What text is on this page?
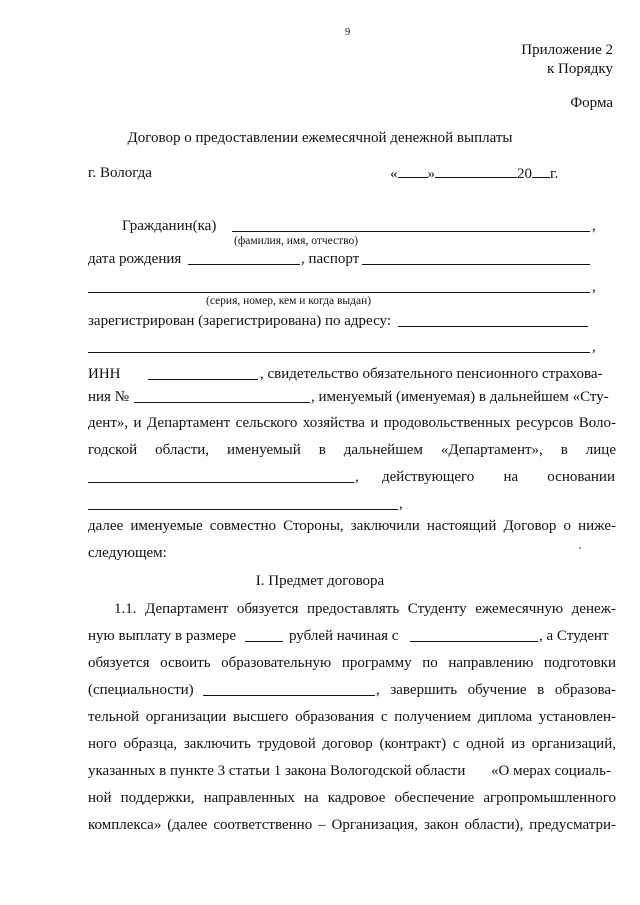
9
Приложение 2
к Порядку
Форма
Договор о предоставлении ежемесячной денежной выплаты
г. Вологда	« »	20 г.
Гражданин(ка)	,
(фамилия, имя, отчество)
дата рождения	, паспорт
,
(серия, номер, кем и когда выдан)
зарегистрирован (зарегистрирована) по адресу:
,
ИНН	, свидетельство обязательного пенсионного страхова-
ния №	, именуемый (именуемая) в дальнейшем «Сту-
дент», и Департамент сельского хозяйства и продовольственных ресурсов Воло-
годской области, именуемый в дальнейшем «Департамент», в лице
, действующего на основании
,
далее именуемые совместно Стороны, заключили настоящий Договор о ниже-
следующем:
I. Предмет договора
1.1. Департамент обязуется предоставлять Студенту ежемесячную денеж-
ную выплату в размере	рублей начиная с	, а Студент
обязуется освоить образовательную программу по направлению подготовки
(специальности)	, завершить обучение в образова-
тельной организации высшего образования с получением диплома установлен-
ного образца, заключить трудовой договор (контракт) с одной из организаций,
указанных в пункте 3 статьи 1 закона Вологодской области «О мерах социаль-
ной поддержки, направленных на кадровое обеспечение агропромышленного
комплекса» (далее соответственно – Организация, закон области), предусматри-
